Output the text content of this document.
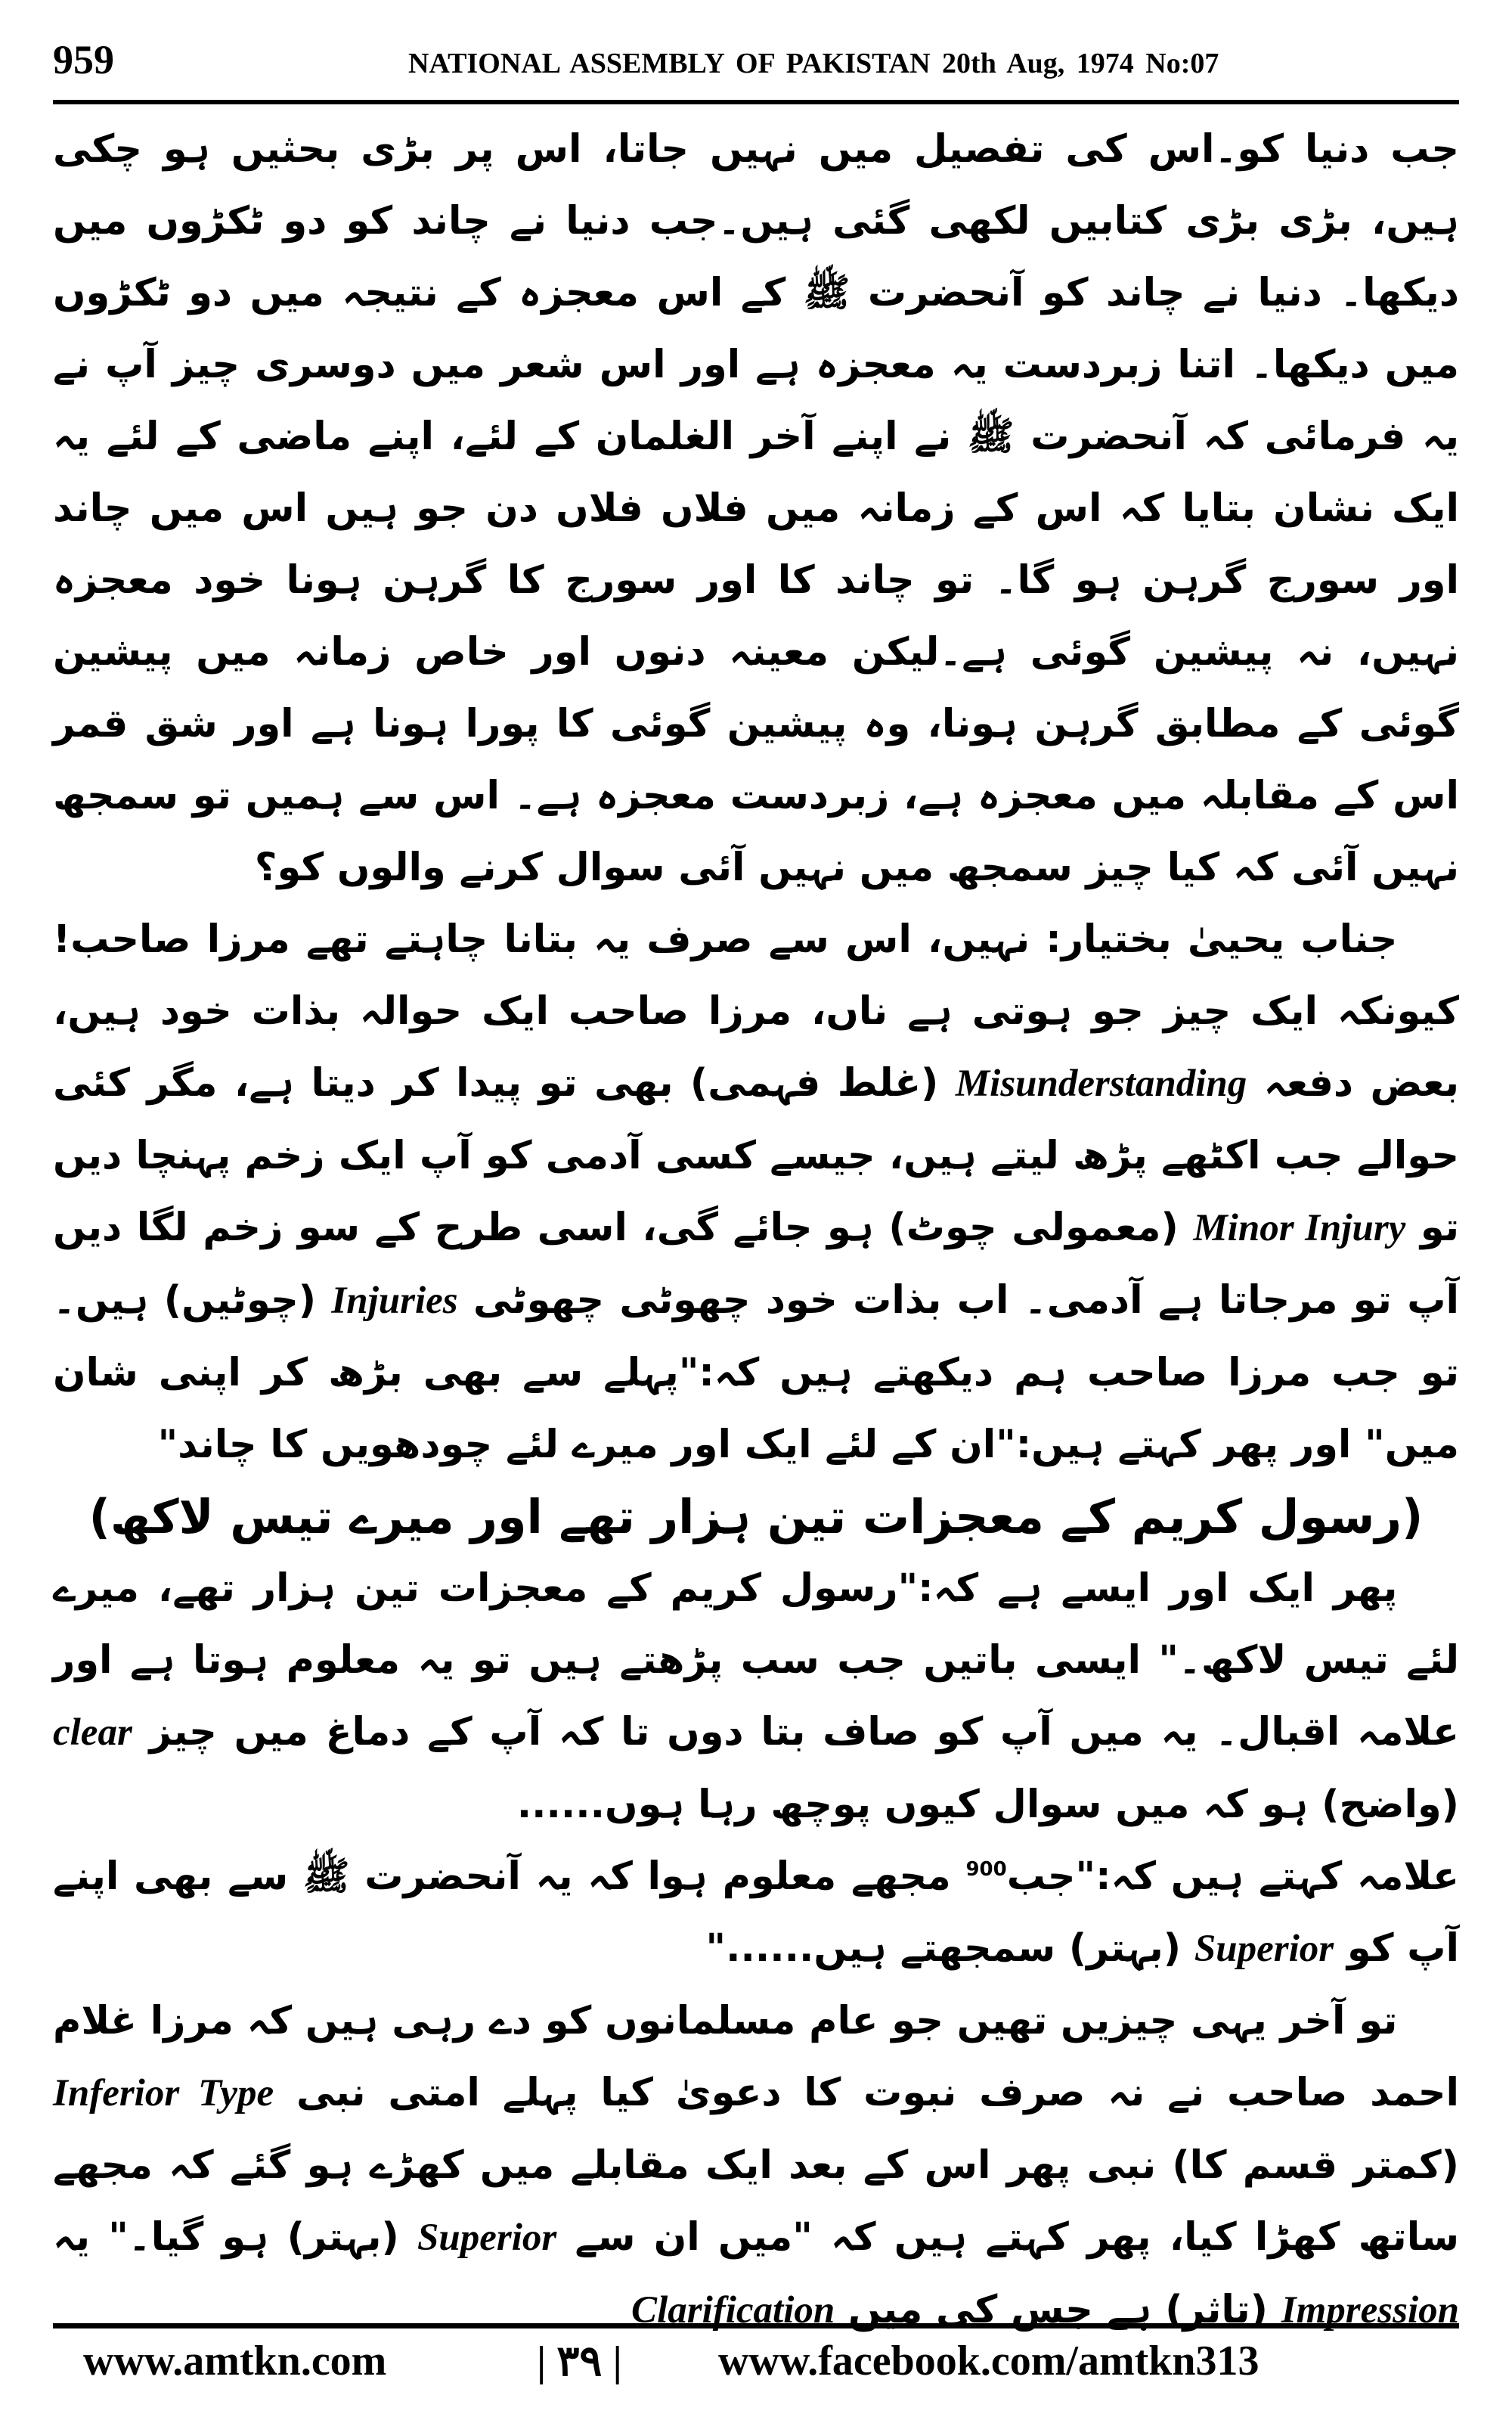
959	NATIONAL ASSEMBLY OF PAKISTAN 20th Aug, 1974 No:07

جب دنیا کو۔اس کی تفصیل میں نہیں جاتا، اس پر بڑی بحثیں ہو چکی ہیں، بڑی بڑی کتابیں لکھی گئی ہیں۔جب دنیا نے چاند کو دو ٹکڑوں میں دیکھا۔ دنیا نے چاند کو آنحضرت ﷺ کے اس معجزہ کے نتیجہ میں دو ٹکڑوں میں دیکھا۔ اتنا زبردست یہ معجزہ ہے اور اس شعر میں دوسری چیز آپ نے یہ فرمائی کہ آنحضرت ﷺ نے اپنے آخر الغلمان کے لئے، اپنے ماضی کے لئے یہ ایک نشان بتایا کہ اس کے زمانہ میں فلاں فلاں دن جو ہیں اس میں چاند اور سورج گرہن ہو گا۔ تو چاند کا اور سورج کا گرہن ہونا خود معجزہ نہیں، نہ پیشین گوئی ہے۔لیکن معینہ دنوں اور خاص زمانہ میں پیشین گوئی کے مطابق گرہن ہونا، وہ پیشین گوئی کا پورا ہونا ہے اور شق قمر اس کے مقابلہ میں معجزہ ہے، زبردست معجزہ ہے۔ اس سے ہمیں تو سمجھ نہیں آئی کہ کیا چیز سمجھ میں نہیں آئی سوال کرنے والوں کو؟

جناب یحییٰ بختیار: نہیں، اس سے صرف یہ بتانا چاہتے تھے مرزا صاحب! کیونکہ ایک چیز جو ہوتی ہے ناں، مرزا صاحب ایک حوالہ بذات خود ہیں، بعض دفعہ Misunderstanding (غلط فہمی) بھی تو پیدا کر دیتا ہے، مگر کئی حوالے جب اکٹھے پڑھ لیتے ہیں، جیسے کسی آدمی کو آپ ایک زخم پہنچا دیں تو Minor Injury (معمولی چوٹ) ہو جائے گی، اسی طرح کے سو زخم لگا دیں آپ تو مرجاتا ہے آدمی۔ اب بذات خود چھوٹی چھوٹی Injuries (چوٹیں) ہیں۔تو جب مرزا صاحب ہم دیکھتے ہیں کہ:"پہلے سے بھی بڑھ کر اپنی شان میں" اور پھر کہتے ہیں:"ان کے لئے ایک اور میرے لئے چودھویں کا چاند"

(رسول کریم کے معجزات تین ہزار تھے اور میرے تیس لاکھ)

پھر ایک اور ایسے ہے کہ:"رسول کریم کے معجزات تین ہزار تھے، میرے لئے تیس لاکھ۔" ایسی باتیں جب سب پڑھتے ہیں تو یہ معلوم ہوتا ہے اور علامہ اقبال۔ یہ میں آپ کو صاف بتا دوں تا کہ آپ کے دماغ میں چیز clear (واضح) ہو کہ میں سوال کیوں پوچھ رہا ہوں......

علامہ کہتے ہیں کہ:"جب$^{900}$ مجھے معلوم ہوا کہ یہ آنحضرت ﷺ سے بھی اپنے آپ کو Superior (بہتر) سمجھتے ہیں......"

تو آخر یہی چیزیں تھیں جو عام مسلمانوں کو دے رہی ہیں کہ مرزا غلام احمد صاحب نے نہ صرف نبوت کا دعویٰ کیا پہلے امتی نبی Inferior Type (کمتر قسم کا) نبی پھر اس کے بعد ایک مقابلے میں کھڑے ہو گئے کہ مجھے ساتھ کھڑا کیا، پھر کہتے ہیں کہ "میں ان سے Superior (بہتر) ہو گیا۔" یہ Impression (تاثر) ہے جس کی میں Clarification

www.amtkn.com	| ٣٩ | www.facebook.com/amtkn313
